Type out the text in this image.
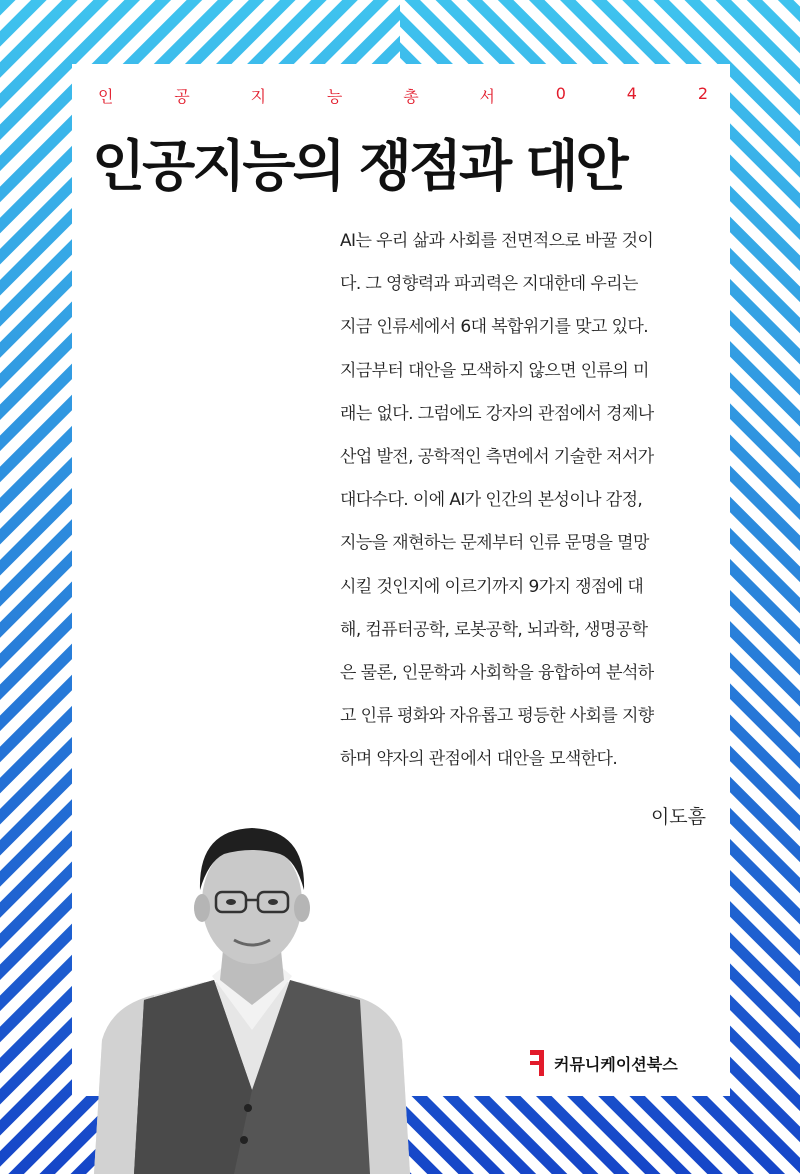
인	공	지	능	총	서	0	4	2
인공지능의 쟁점과 대안
AI는 우리 삶과 사회를 전면적으로 바꿀 것이
다. 그 영향력과 파괴력은 지대한데 우리는
지금 인류세에서 6대 복합위기를 맞고 있다.
지금부터 대안을 모색하지 않으면 인류의 미
래는 없다. 그럼에도 강자의 관점에서 경제나
산업 발전, 공학적인 측면에서 기술한 저서가
대다수다. 이에 AI가 인간의 본성이나 감정,
지능을 재현하는 문제부터 인류 문명을 멸망
시킬 것인지에 이르기까지 9가지 쟁점에 대
해, 컴퓨터공학, 로봇공학, 뇌과학, 생명공학
은 물론, 인문학과 사회학을 융합하여 분석하
고 인류 평화와 자유롭고 평등한 사회를 지향
하며 약자의 관점에서 대안을 모색한다.
이도흠
커뮤니케이션북스
